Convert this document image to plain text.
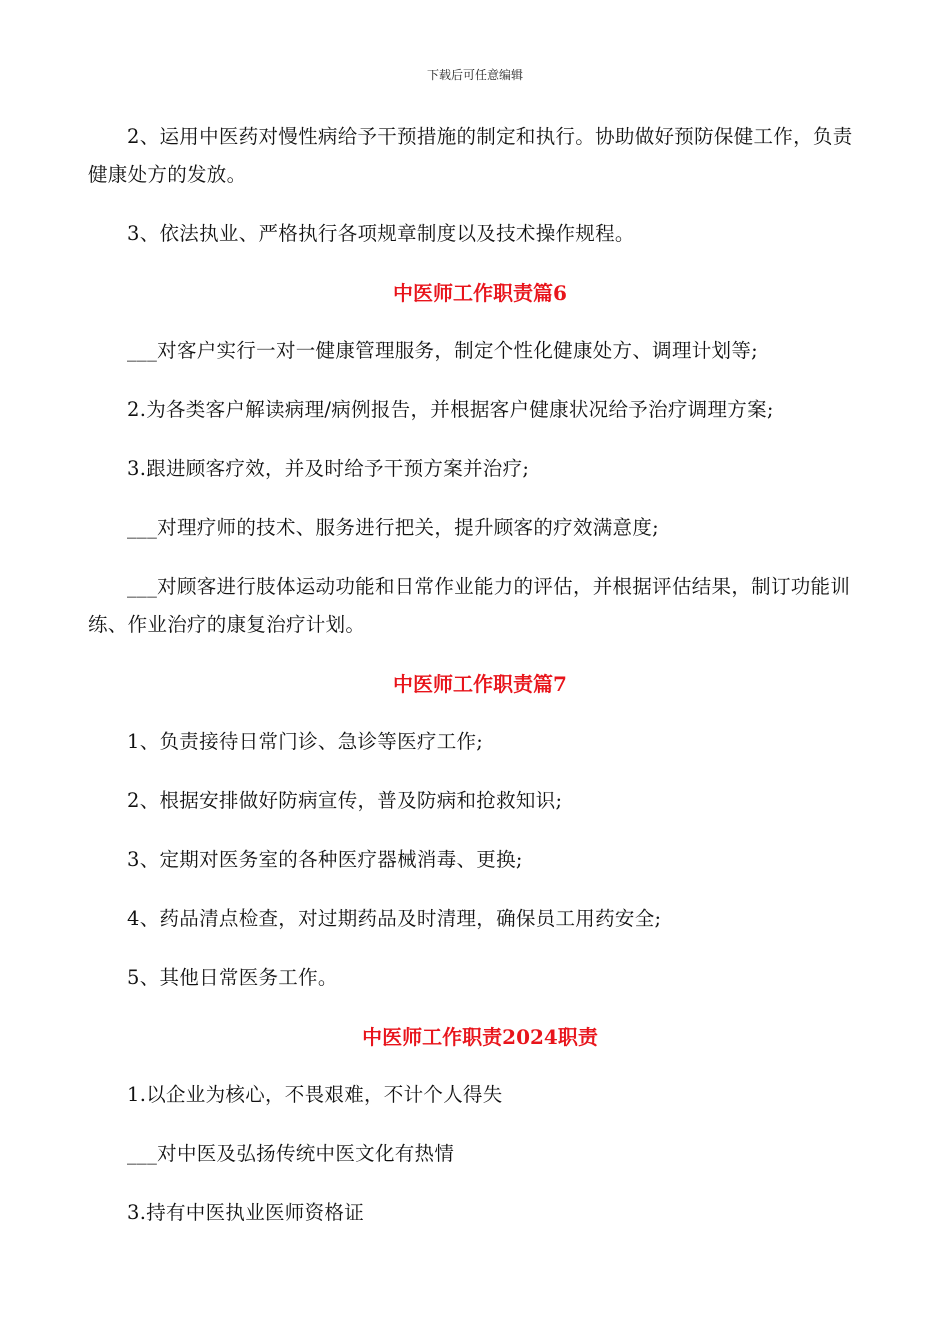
下载后可任意编辑

2、运用中医药对慢性病给予干预措施的制定和执行。协助做好预防保健工作，负责健康处方的发放。

3、依法执业、严格执行各项规章制度以及技术操作规程。

中医师工作职责篇6

___对客户实行一对一健康管理服务，制定个性化健康处方、调理计划等;

2.为各类客户解读病理/病例报告，并根据客户健康状况给予治疗调理方案;

3.跟进顾客疗效，并及时给予干预方案并治疗;

___对理疗师的技术、服务进行把关，提升顾客的疗效满意度;

___对顾客进行肢体运动功能和日常作业能力的评估，并根据评估结果，制订功能训练、作业治疗的康复治疗计划。

中医师工作职责篇7

1、负责接待日常门诊、急诊等医疗工作;

2、根据安排做好防病宣传，普及防病和抢救知识;

3、定期对医务室的各种医疗器械消毒、更换;

4、药品清点检查，对过期药品及时清理，确保员工用药安全;

5、其他日常医务工作。

中医师工作职责2024职责

1.以企业为核心，不畏艰难，不计个人得失

___对中医及弘扬传统中医文化有热情

3.持有中医执业医师资格证
